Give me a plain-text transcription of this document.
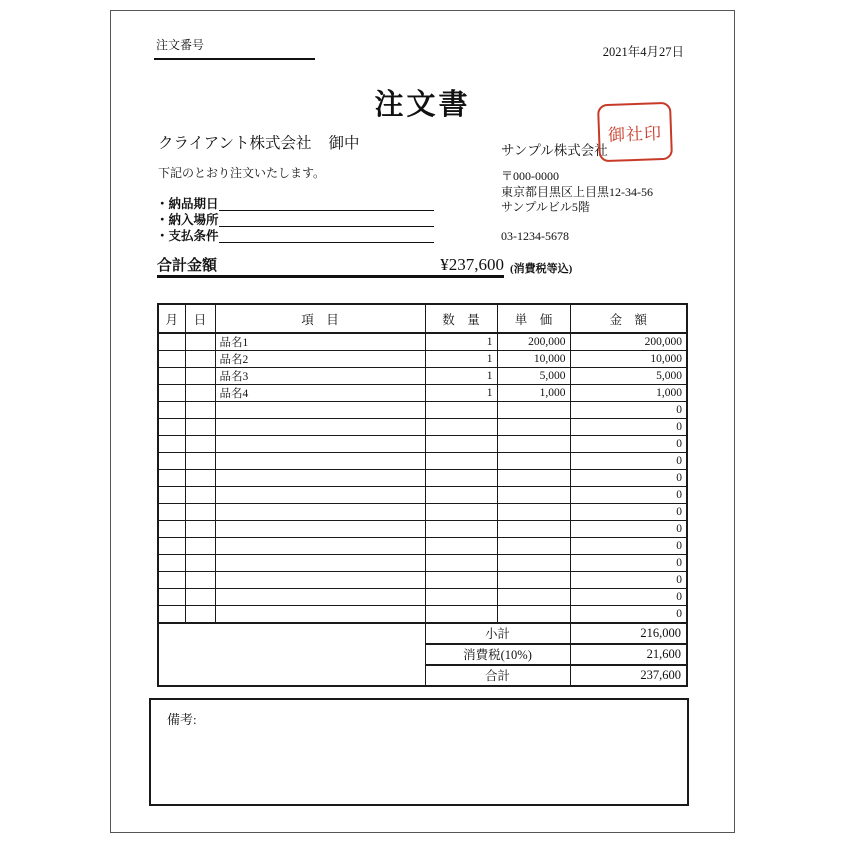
注文番号	2021年4月27日
注文書
クライアント株式会社 御中
下記のとおり注文いたします。
・納品期日
・納入場所
・支払条件
サンプル株式会社
御社印
〒000-0000
東京都目黒区上目黒12-34-56
サンプルビル5階
03-1234-5678
合計金額	¥237,600 (消費税等込)
月	日	項　目	数　量	単　価	金　額
		品名1	1	200,000	200,000
		品名2	1	10,000	10,000
		品名3	1	5,000	5,000
		品名4	1	1,000	1,000
					0
					0
					0
					0
					0
					0
					0
					0
					0
					0
					0
					0
					0
			小計		216,000
			消費税(10%)		21,600
			合計		237,600
備考:
